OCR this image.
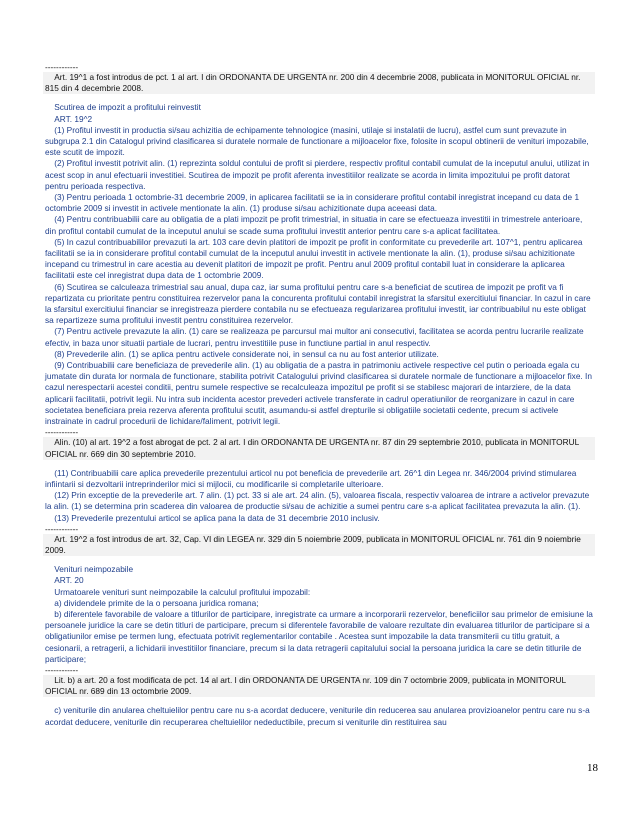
------------
Art. 19^1 a fost introdus de pct. 1 al art. I din ORDONANTA DE URGENTA nr. 200 din 4 decembrie 2008, publicata in MONITORUL OFICIAL nr. 815 din 4 decembrie 2008.
Scutirea de impozit a profitului reinvestit
ART. 19^2
(1) Profitul investit in productia si/sau achizitia de echipamente tehnologice (masini, utilaje si instalatii de lucru), astfel cum sunt prevazute in subgrupa 2.1 din Catalogul privind clasificarea si duratele normale de functionare a mijloacelor fixe, folosite in scopul obtinerii de venituri impozabile, este scutit de impozit.
(2) Profitul investit potrivit alin. (1) reprezinta soldul contului de profit si pierdere, respectiv profitul contabil cumulat de la inceputul anului, utilizat in acest scop in anul efectuarii investitiei. Scutirea de impozit pe profit aferenta investitiilor realizate se acorda in limita impozitului pe profit datorat pentru perioada respectiva.
(3) Pentru perioada 1 octombrie-31 decembrie 2009, in aplicarea facilitatii se ia in considerare profitul contabil inregistrat incepand cu data de 1 octombrie 2009 si investit in activele mentionate la alin. (1) produse si/sau achizitionate dupa aceeasi data.
(4) Pentru contribuabilii care au obligatia de a plati impozit pe profit trimestrial, in situatia in care se efectueaza investitii in trimestrele anterioare, din profitul contabil cumulat de la inceputul anului se scade suma profitului investit anterior pentru care s-a aplicat facilitatea.
(5) In cazul contribuabililor prevazuti la art. 103 care devin platitori de impozit pe profit in conformitate cu prevederile art. 107^1, pentru aplicarea facilitatii se ia in considerare profitul contabil cumulat de la inceputul anului investit in activele mentionate la alin. (1), produse si/sau achizitionate incepand cu trimestrul in care acestia au devenit platitori de impozit pe profit. Pentru anul 2009 profitul contabil luat in considerare la aplicarea facilitatii este cel inregistrat dupa data de 1 octombrie 2009.
(6) Scutirea se calculeaza trimestrial sau anual, dupa caz, iar suma profitului pentru care s-a beneficiat de scutirea de impozit pe profit va fi repartizata cu prioritate pentru constituirea rezervelor pana la concurenta profitului contabil inregistrat la sfarsitul exercitiului financiar. In cazul in care la sfarsitul exercitiului financiar se inregistreaza pierdere contabila nu se efectueaza regularizarea profitului investit, iar contribuabilul nu este obligat sa repartizeze suma profitului investit pentru constituirea rezervelor.
(7) Pentru activele prevazute la alin. (1) care se realizeaza pe parcursul mai multor ani consecutivi, facilitatea se acorda pentru lucrarile realizate efectiv, in baza unor situatii partiale de lucrari, pentru investitiile puse in functiune partial in anul respectiv.
(8) Prevederile alin. (1) se aplica pentru activele considerate noi, in sensul ca nu au fost anterior utilizate.
(9) Contribuabilii care beneficiaza de prevederile alin. (1) au obligatia de a pastra in patrimoniu activele respective cel putin o perioada egala cu jumatate din durata lor normala de functionare, stabilita potrivit Catalogului privind clasificarea si duratele normale de functionare a mijloacelor fixe. In cazul nerespectarii acestei conditii, pentru sumele respective se recalculeaza impozitul pe profit si se stabilesc majorari de intarziere, de la data aplicarii facilitatii, potrivit legii. Nu intra sub incidenta acestor prevederi activele transferate in cadrul operatiunilor de reorganizare in cazul in care societatea beneficiara preia rezerva aferenta profitului scutit, asumandu-si astfel drepturile si obligatiile societatii cedente, precum si activele instrainate in cadrul procedurii de lichidare/faliment, potrivit legii.
------------
Alin. (10) al art. 19^2 a fost abrogat de pct. 2 al art. I din ORDONANTA DE URGENTA nr. 87 din 29 septembrie 2010, publicata in MONITORUL OFICIAL nr. 669 din 30 septembrie 2010.
(11) Contribuabilii care aplica prevederile prezentului articol nu pot beneficia de prevederile art. 26^1 din Legea nr. 346/2004 privind stimularea infiintarii si dezvoltarii intreprinderilor mici si mijlocii, cu modificarile si completarile ulterioare.
(12) Prin exceptie de la prevederile art. 7 alin. (1) pct. 33 si ale art. 24 alin. (5), valoarea fiscala, respectiv valoarea de intrare a activelor prevazute la alin. (1) se determina prin scaderea din valoarea de productie si/sau de achizitie a sumei pentru care s-a aplicat facilitatea prevazuta la alin. (1).
(13) Prevederile prezentului articol se aplica pana la data de 31 decembrie 2010 inclusiv.
------------
Art. 19^2 a fost introdus de art. 32, Cap. VI din LEGEA nr. 329 din 5 noiembrie 2009, publicata in MONITORUL OFICIAL nr. 761 din 9 noiembrie 2009.
Venituri neimpozabile
ART. 20
Urmatoarele venituri sunt neimpozabile la calculul profitului impozabil:
a) dividendele primite de la o persoana juridica romana;
b) diferentele favorabile de valoare a titlurilor de participare, inregistrate ca urmare a incorporarii rezervelor, beneficiilor sau primelor de emisiune la persoanele juridice la care se detin titluri de participare, precum si diferentele favorabile de valoare rezultate din evaluarea titlurilor de participare si a obligatiunilor emise pe termen lung, efectuata potrivit reglementarilor contabile . Acestea sunt impozabile la data transmiterii cu titlu gratuit, a cesionarii, a retragerii, a lichidarii investitiilor financiare, precum si la data retragerii capitalului social la persoana juridica la care se detin titlurile de participare;
------------
Lit. b) a art. 20 a fost modificata de pct. 14 al art. I din ORDONANTA DE URGENTA nr. 109 din 7 octombrie 2009, publicata in MONITORUL OFICIAL nr. 689 din 13 octombrie 2009.
c) veniturile din anularea cheltuielilor pentru care nu s-a acordat deducere, veniturile din reducerea sau anularea provizioanelor pentru care nu s-a acordat deducere, veniturile din recuperarea cheltuielilor nedeductibile, precum si veniturile din restituirea sau
18
